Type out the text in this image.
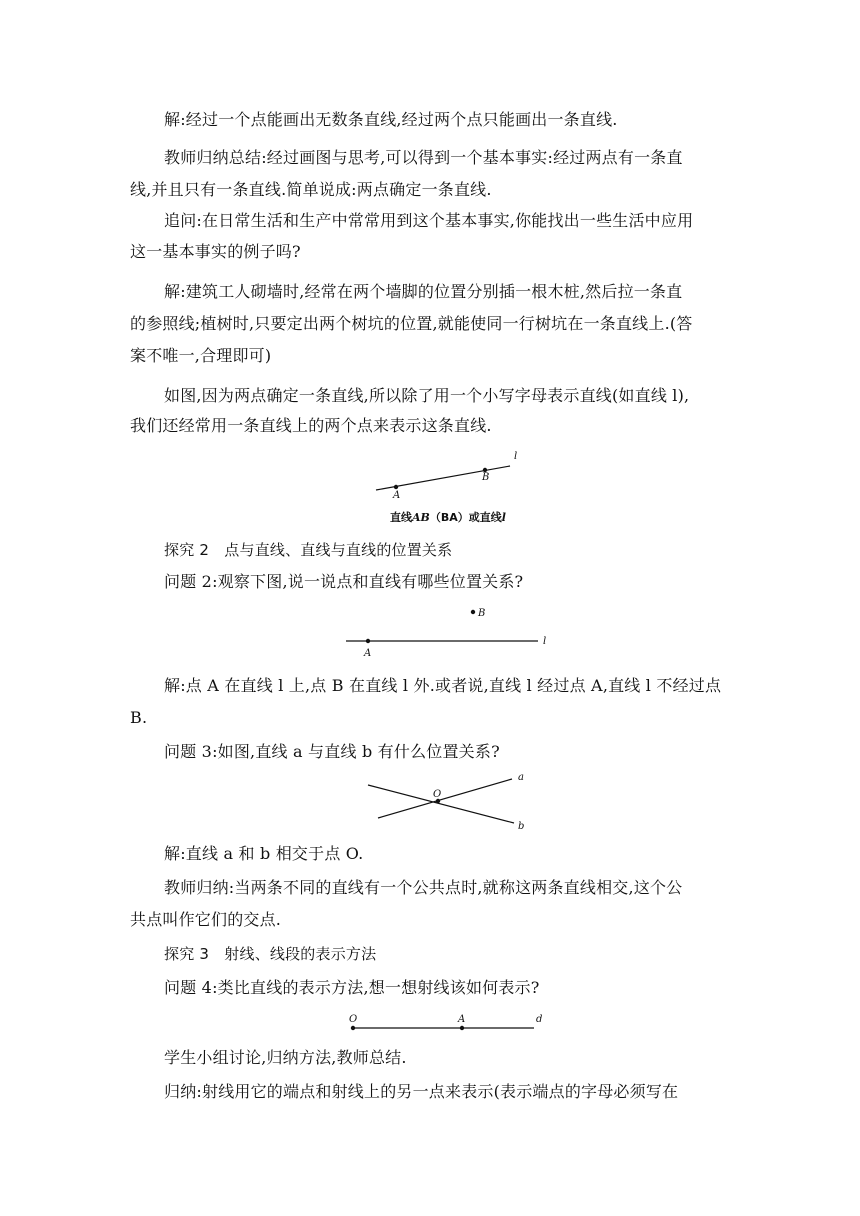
解:经过一个点能画出无数条直线,经过两个点只能画出一条直线.
教师归纳总结:经过画图与思考,可以得到一个基本事实:经过两点有一条直
线,并且只有一条直线.简单说成:两点确定一条直线.
追问:在日常生活和生产中常常用到这个基本事实,你能找出一些生活中应用
这一基本事实的例子吗?
解:建筑工人砌墙时,经常在两个墙脚的位置分别插一根木桩,然后拉一条直
的参照线;植树时,只要定出两个树坑的位置,就能使同一行树坑在一条直线上.(答
案不唯一,合理即可)
如图,因为两点确定一条直线,所以除了用一个小写字母表示直线(如直线 l),
我们还经常用一条直线上的两个点来表示这条直线.
l
A
B
直线AB（BA）或直线l
探究 2　点与直线、直线与直线的位置关系
问题 2:观察下图,说一说点和直线有哪些位置关系?
A
B
l
解:点 A 在直线 l 上,点 B 在直线 l 外.或者说,直线 l 经过点 A,直线 l 不经过点
B.
问题 3:如图,直线 a 与直线 b 有什么位置关系?
O
a
b
解:直线 a 和 b 相交于点 O.
教师归纳:当两条不同的直线有一个公共点时,就称这两条直线相交,这个公
共点叫作它们的交点.
探究 3　射线、线段的表示方法
问题 4:类比直线的表示方法,想一想射线该如何表示?
O	A	d
学生小组讨论,归纳方法,教师总结.
归纳:射线用它的端点和射线上的另一点来表示(表示端点的字母必须写在
